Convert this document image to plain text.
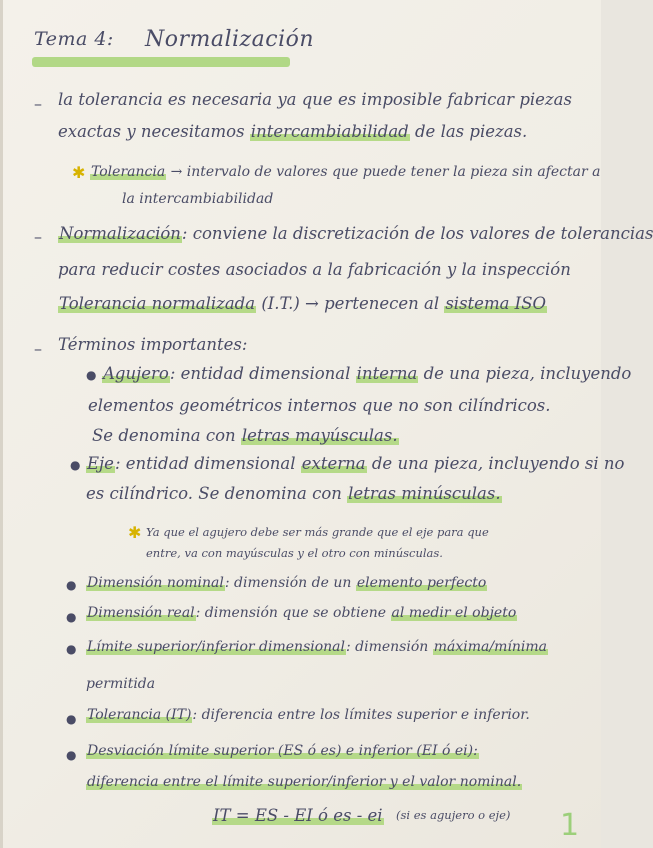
Tema 4: Normalización
– la tolerancia es necesaria ya que es imposible fabricar piezas
exactas y necesitamos intercambiabilidad de las piezas.
✱ Tolerancia → intervalo de valores que puede tener la pieza sin afectar a
la intercambiabilidad
– Normalización: conviene la discretización de los valores de tolerancias
para reducir costes asociados a la fabricación y la inspección
Tolerancia normalizada (I.T.) → pertenecen al sistema ISO
– Términos importantes:
● Agujero: entidad dimensional interna de una pieza, incluyendo
elementos geométricos internos que no son cilíndricos.
Se denomina con letras mayúsculas.
● Eje: entidad dimensional externa de una pieza, incluyendo si no
es cilíndrico. Se denomina con letras minúsculas.
✱ Ya que el agujero debe ser más grande que el eje para que
entre, va con mayúsculas y el otro con minúsculas.
● Dimensión nominal: dimensión de un elemento perfecto
● Dimensión real: dimensión que se obtiene al medir el objeto
● Límite superior/inferior dimensional: dimensión máxima/mínima
permitida
● Tolerancia (IT): diferencia entre los límites superior e inferior.
● Desviación límite superior (ES ó es) e inferior (EI ó ei):
diferencia entre el límite superior/inferior y el valor nominal.
IT = ES - EI ó es - ei (si es agujero o eje) 1
